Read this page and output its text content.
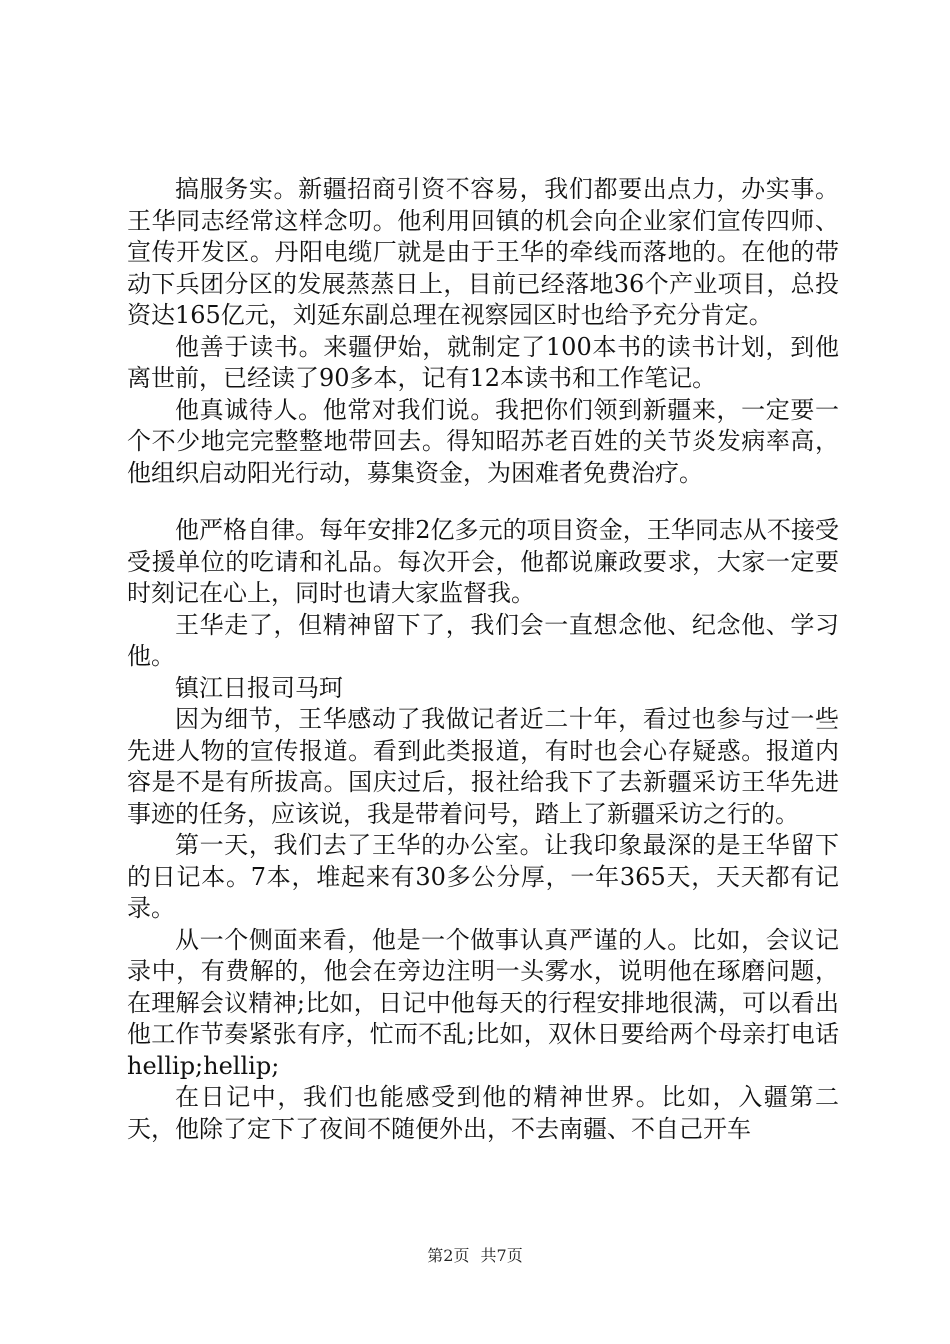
搞服务实。新疆招商引资不容易，我们都要出点力，办实事。王华同志经常这样念叨。他利用回镇的机会向企业家们宣传四师、宣传开发区。丹阳电缆厂就是由于王华的牵线而落地的。在他的带动下兵团分区的发展蒸蒸日上，目前已经落地36个产业项目，总投资达165亿元，刘延东副总理在视察园区时也给予充分肯定。

他善于读书。来疆伊始，就制定了100本书的读书计划，到他离世前，已经读了90多本，记有12本读书和工作笔记。

他真诚待人。他常对我们说。我把你们领到新疆来，一定要一个不少地完完整整地带回去。得知昭苏老百姓的关节炎发病率高，他组织启动阳光行动，募集资金，为困难者免费治疗。

他严格自律。每年安排2亿多元的项目资金，王华同志从不接受受援单位的吃请和礼品。每次开会，他都说廉政要求，大家一定要时刻记在心上，同时也请大家监督我。

王华走了，但精神留下了，我们会一直想念他、纪念他、学习他。

镇江日报司马珂

因为细节，王华感动了我做记者近二十年，看过也参与过一些先进人物的宣传报道。看到此类报道，有时也会心存疑惑。报道内容是不是有所拔高。国庆过后，报社给我下了去新疆采访王华先进事迹的任务，应该说，我是带着问号，踏上了新疆采访之行的。

第一天，我们去了王华的办公室。让我印象最深的是王华留下的日记本。7本，堆起来有30多公分厚，一年365天，天天都有记录。

从一个侧面来看，他是一个做事认真严谨的人。比如，会议记录中，有费解的，他会在旁边注明一头雾水，说明他在琢磨问题，在理解会议精神;比如，日记中他每天的行程安排地很满，可以看出他工作节奏紧张有序，忙而不乱;比如，双休日要给两个母亲打电话hellip;hellip;

在日记中，我们也能感受到他的精神世界。比如，入疆第二天，他除了定下了夜间不随便外出，不去南疆、不自己开车

第2页 共7页
